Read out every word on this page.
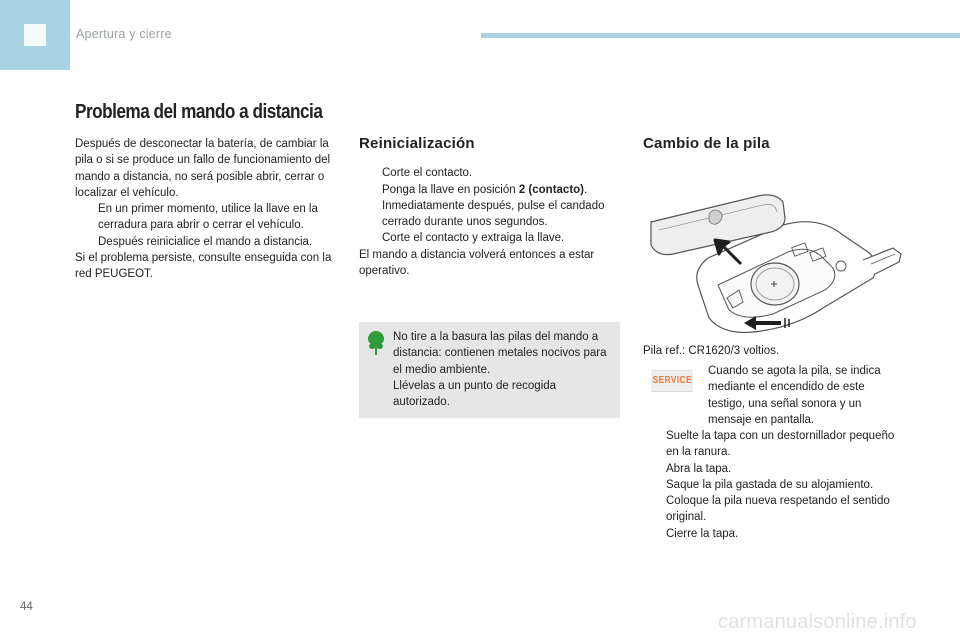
Apertura y cierre
Problema del mando a distancia

Después de desconectar la batería, de cambiar la pila o si se produce un fallo de funcionamiento del mando a distancia, no será posible abrir, cerrar o localizar el vehículo.

En un primer momento, utilice la llave en la cerradura para abrir o cerrar el vehículo.
Después reinicialice el mando a distancia.

Si el problema persiste, consulte enseguida con la red PEUGEOT.

Reinicialización
Corte el contacto.
Ponga la llave en posición 2 (contacto).
Inmediatamente después, pulse el candado cerrado durante unos segundos.
Corte el contacto y extraiga la llave.

El mando a distancia volverá entonces a estar operativo.

No tire a la basura las pilas del mando a distancia: contienen metales nocivos para el medio ambiente.

Llévelas a un punto de recogida autorizado.

Cambio de la pila

Pila ref.: CR1620/3 voltios.

SERVICE

Cuando se agota la pila, se indica mediante el encendido de este testigo, una señal sonora y un mensaje en pantalla.

Suelte la tapa con un destornillador pequeño en la ranura.
Abra la tapa.
Saque la pila gastada de su alojamiento.
Coloque la pila nueva respetando el sentido original.
Cierre la tapa.
44
carmanualsonline.info
